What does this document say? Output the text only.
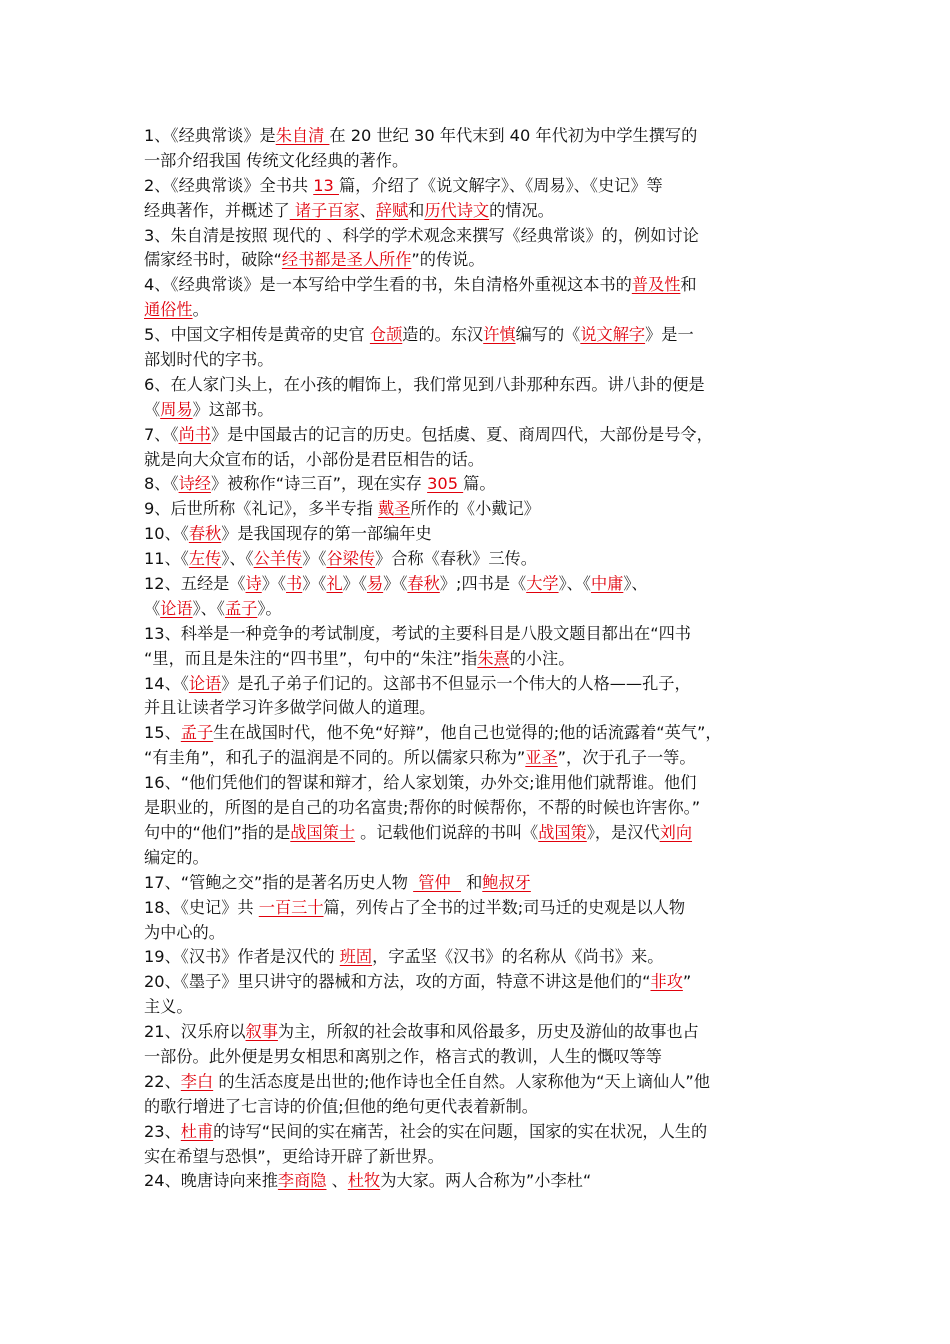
1、《经典常谈》是朱自清 在 20 世纪 30 年代末到 40 年代初为中学生撰写的
一部介绍我国 传统文化经典的著作。
2、《经典常谈》全书共 13 篇，介绍了《说文解字》、《周易》、《史记》等
经典著作，并概述了 诸子百家、辞赋和历代诗文的情况。
3、朱自清是按照 现代的 、科学的学术观念来撰写《经典常谈》的，例如讨论
儒家经书时，破除“经书都是圣人所作”的传说。
4、《经典常谈》是一本写给中学生看的书，朱自清格外重视这本书的普及性和
通俗性。
5、中国文字相传是黄帝的史官 仓颉造的。东汉许慎编写的《说文解字》是一
部划时代的字书。
6、在人家门头上，在小孩的帽饰上，我们常见到八卦那种东西。讲八卦的便是
《周易》这部书。
7、《尚书》是中国最古的记言的历史。包括虞、夏、商周四代，大部份是号令，
就是向大众宣布的话，小部份是君臣相告的话。
8、《诗经》被称作“诗三百”，现在实存 305 篇。
9、后世所称《礼记》，多半专指 戴圣所作的《小戴记》
10、《春秋》是我国现存的第一部编年史
11、《左传》、《公羊传》《谷梁传》合称《春秋》三传。
12、五经是《诗》《书》《礼》《易》《春秋》;四书是《大学》、《中庸》、
《论语》、《孟子》。
13、科举是一种竞争的考试制度，考试的主要科目是八股文题目都出在“四书
“里，而且是朱注的“四书里”，句中的“朱注”指朱熹的小注。
14、《论语》是孔子弟子们记的。这部书不但显示一个伟大的人格——孔子，
并且让读者学习许多做学问做人的道理。
15、孟子生在战国时代，他不免“好辩”，他自己也觉得的;他的话流露着“英气”，
“有圭角”，和孔子的温润是不同的。所以儒家只称为”亚圣”，次于孔子一等。
16、“他们凭他们的智谋和辩才，给人家划策，办外交;谁用他们就帮谁。他们
是职业的，所图的是自己的功名富贵;帮你的时候帮你，不帮的时候也许害你。”
句中的“他们”指的是战国策士 。记载他们说辞的书叫《战国策》，是汉代刘向
编定的。
17、“管鲍之交”指的是著名历史人物  管仲   和鲍叔牙
18、《史记》共 一百三十篇，列传占了全书的过半数;司马迁的史观是以人物
为中心的。
19、《汉书》作者是汉代的 班固，字孟坚《汉书》的名称从《尚书》来。
20、《墨子》里只讲守的器械和方法，攻的方面，特意不讲这是他们的“非攻”
主义。
21、汉乐府以叙事为主，所叙的社会故事和风俗最多，历史及游仙的故事也占
一部份。此外便是男女相思和离别之作，格言式的教训，人生的慨叹等等
22、李白 的生活态度是出世的;他作诗也全任自然。人家称他为“天上谪仙人”他
的歌行增进了七言诗的价值;但他的绝句更代表着新制。
23、杜甫的诗写“民间的实在痛苦，社会的实在问题，国家的实在状况，人生的
实在希望与恐惧”，更给诗开辟了新世界。
24、晚唐诗向来推李商隐 、杜牧为大家。两人合称为”小李杜“
